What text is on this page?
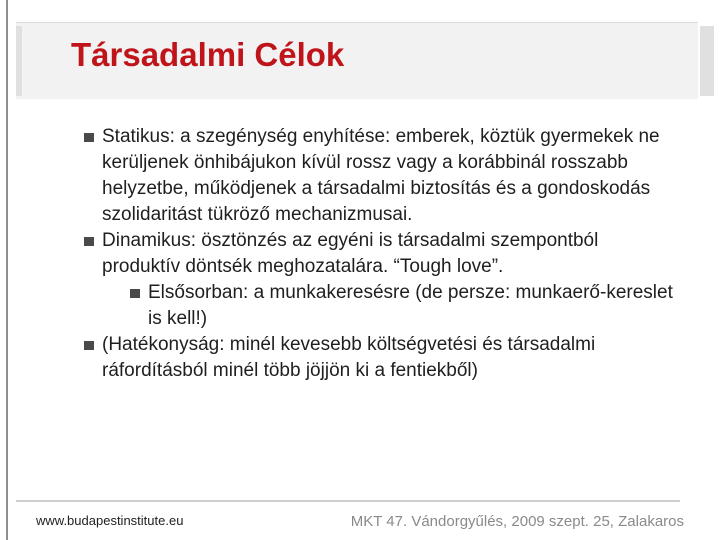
Társadalmi Célok
Statikus: a szegénység enyhítése: emberek, köztük gyermekek ne kerüljenek önhibájukon kívül rossz vagy a korábbinál rosszabb helyzetbe, működjenek a társadalmi biztosítás és a gondoskodás szolidaritást tükröző mechanizmusai.
Dinamikus: ösztönzés az egyéni is társadalmi szempontból produktív döntsék meghozatalára. “Tough love”.
Elsősorban: a munkakeresésre (de persze: munkaerő-kereslet is kell!)
(Hatékonyság: minél kevesebb költségvetési és társadalmi ráfordításból minél több jöjjön ki a fentiekből)
www.budapestinstitute.eu	MKT 47. Vándorgyűlés, 2009 szept. 25, Zalakaros
